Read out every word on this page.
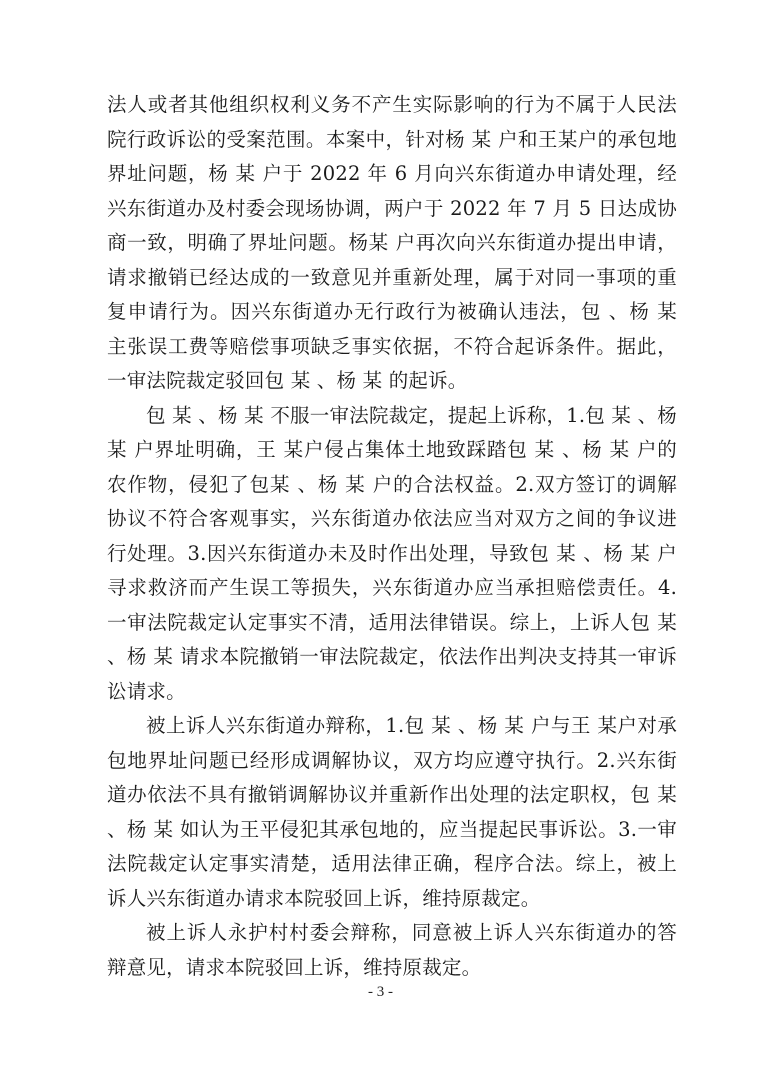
法人或者其他组织权利义务不产生实际影响的行为不属于人民法院行政诉讼的受案范围。本案中，针对杨 某 户和王某户的承包地界址问题，杨 某 户于 2022 年 6 月向兴东街道办申请处理，经兴东街道办及村委会现场协调，两户于 2022 年 7 月 5 日达成协商一致，明确了界址问题。杨某 户再次向兴东街道办提出申请，请求撤销已经达成的一致意见并重新处理，属于对同一事项的重复申请行为。因兴东街道办无行政行为被确认违法，包 、杨 某 主张误工费等赔偿事项缺乏事实依据，不符合起诉条件。据此，一审法院裁定驳回包 某 、杨 某 的起诉。

包 某 、杨 某 不服一审法院裁定，提起上诉称，1.包 某 、杨 某 户界址明确，王 某户侵占集体土地致踩踏包 某 、杨 某 户的农作物，侵犯了包某 、杨 某 户的合法权益。2.双方签订的调解协议不符合客观事实，兴东街道办依法应当对双方之间的争议进行处理。3.因兴东街道办未及时作出处理，导致包 某 、杨 某 户寻求救济而产生误工等损失，兴东街道办应当承担赔偿责任。4.一审法院裁定认定事实不清，适用法律错误。综上，上诉人包 某 、杨 某 请求本院撤销一审法院裁定，依法作出判决支持其一审诉讼请求。

被上诉人兴东街道办辩称，1.包 某 、杨 某 户与王 某户对承包地界址问题已经形成调解协议，双方均应遵守执行。2.兴东街道办依法不具有撤销调解协议并重新作出处理的法定职权，包 某 、杨 某 如认为王平侵犯其承包地的，应当提起民事诉讼。3.一审法院裁定认定事实清楚，适用法律正确，程序合法。综上，被上诉人兴东街道办请求本院驳回上诉，维持原裁定。

被上诉人永护村村委会辩称，同意被上诉人兴东街道办的答辩意见，请求本院驳回上诉，维持原裁定。

- 3 -
